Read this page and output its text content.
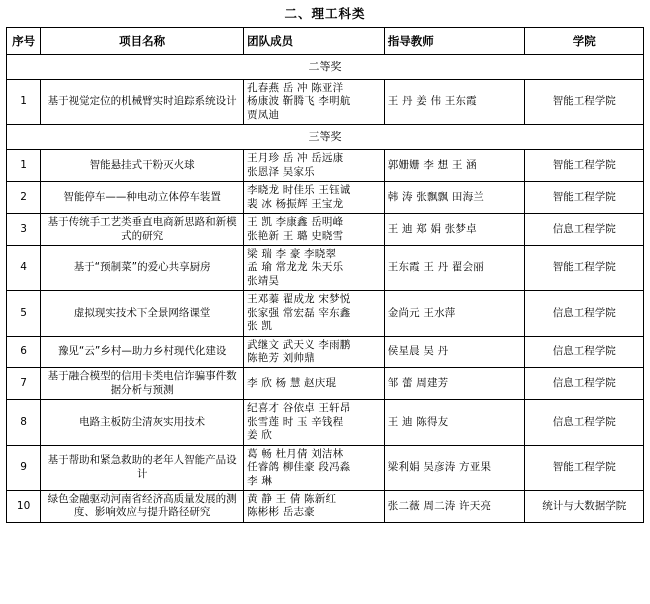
二、理工科类
序号	项目名称	团队成员	指导教师	学院
二等奖				

1	基于视觉定位的机械臂实时追踪系统设计	孔春燕 岳 冲 陈亚洋
杨康波 靳腾飞 李明航
贾凤迪	王 丹 姜 伟 王东霞	智能工程学院

三等奖				

1	智能悬挂式干粉灭火球	王月珍 岳 冲 岳远康
张恩泽 吴家乐	郭姗姗 李 想 王 涵	智能工程学院

2	智能停车——种电动立体停车装置	李晓龙 时佳乐 王钰诚
裴 冰 杨振辉 王宝龙	韩 涛 张飘飘 田海兰	智能工程学院

3	基于传统手工艺类垂直电商新思路和新模式的研究	王 凯 李康鑫 岳明峰
张艳新 王 璐 史晓雪	王 迪 郑 娟 张梦卓	信息工程学院

4	基于“预制菜”的爱心共享厨房	梁 瑞 李 豪 李晓翠
孟 瑜 常龙龙 朱天乐
张靖昊	王东霞 王 丹 翟会丽	智能工程学院

5	虚拟现实技术下全景网络课堂	王邓蓁 翟成龙 宋梦悦
张家强 常宏磊 宰东鑫
张 凯	金尚元 王水萍	信息工程学院

6	豫见“云”乡村—助力乡村现代化建设	武继文 武天义 李雨鹏
陈艳芳 刘帅鼎	侯星晨 吴 丹	信息工程学院

7	基于融合模型的信用卡类电信诈骗事件数据分析与预测	李 欣 杨 慧 赵庆琨	邹 蕾 周建芳	信息工程学院

8	电路主板防尘清灰实用技术	纪喜才 谷依卓 王轩昂
张雪莲 时 玉 辛钱程
姜 欣	王 迪 陈得友	信息工程学院

9	基于帮助和紧急救助的老年人智能产品设计	葛 畅 杜月倩 刘洁林
任睿鸽 柳佳豪 段冯淼
李 琳	梁利娟 吴彦涛 方亚果	智能工程学院

10	绿色金融驱动河南省经济高质量发展的测度、影响效应与提升路径研究	黄 静 王 倩 陈新红
陈彬彬 岳志豪	张二薇 周二涛 许天亮	统计与大数据学院
